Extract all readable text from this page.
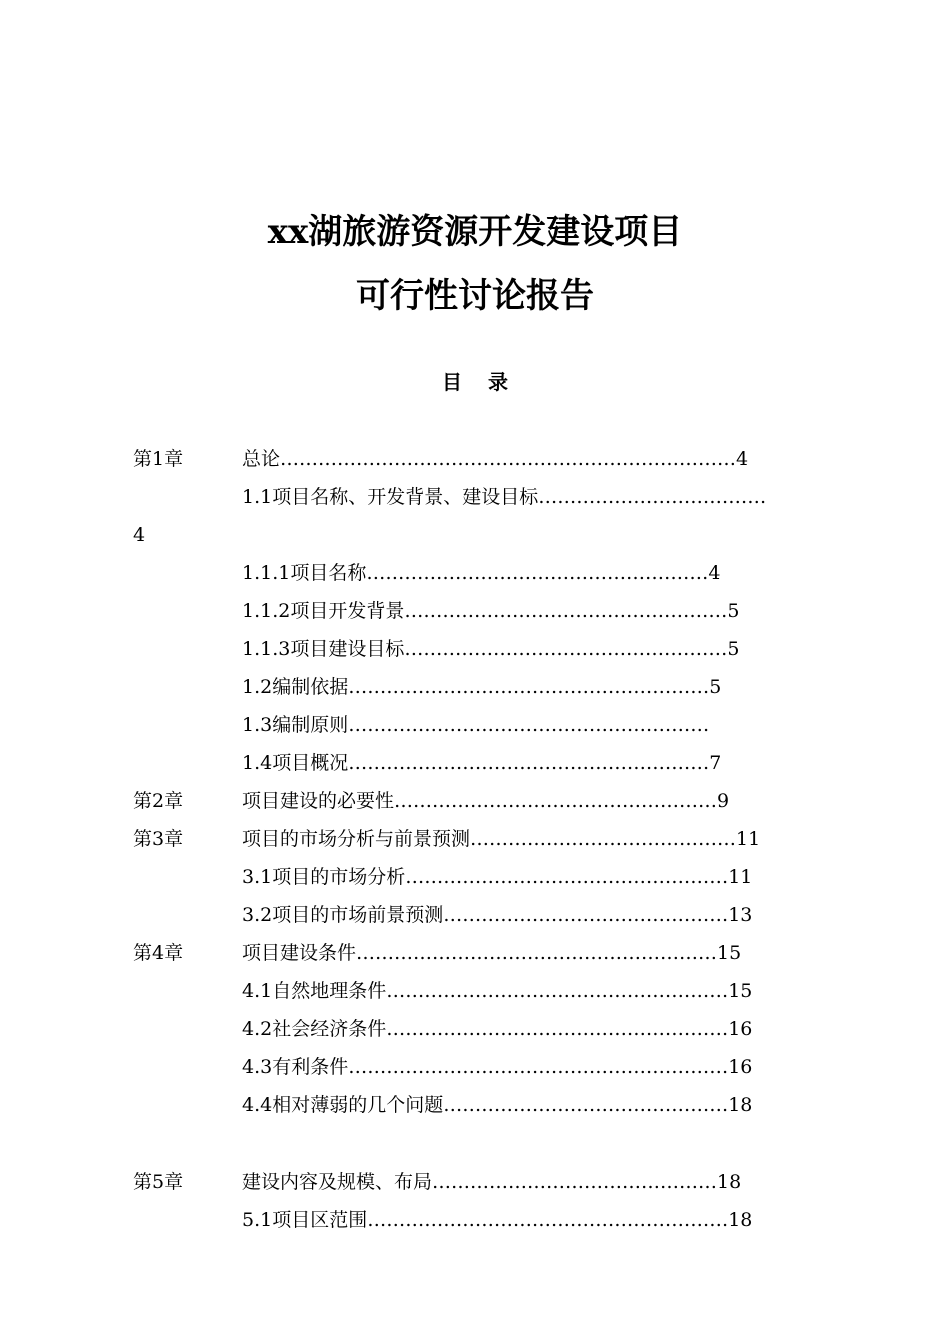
xx湖旅游资源开发建设项目
可行性讨论报告
目录
第1章	总论………………………………………………………………4
1.1项目名称、开发背景、建设目标………………………………
4
1.1.1项目名称………………………………………………4
1.1.2项目开发背景……………………………………………5
1.1.3项目建设目标……………………………………………5
1.2编制依据…………………………………………………5
1.3编制原则…………………………………………………
1.4项目概况…………………………………………………7
第2章	项目建设的必要性……………………………………………9
第3章	项目的市场分析与前景预测……………………………………11
3.1项目的市场分析……………………………………………11
3.2项目的市场前景预测………………………………………13
第4章	项目建设条件…………………………………………………15
4.1自然地理条件………………………………………………15
4.2社会经济条件………………………………………………16
4.3有利条件……………………………………………………16
4.4相对薄弱的几个问题………………………………………18
第5章	建设内容及规模、布局………………………………………18
5.1项目区范围…………………………………………………18
